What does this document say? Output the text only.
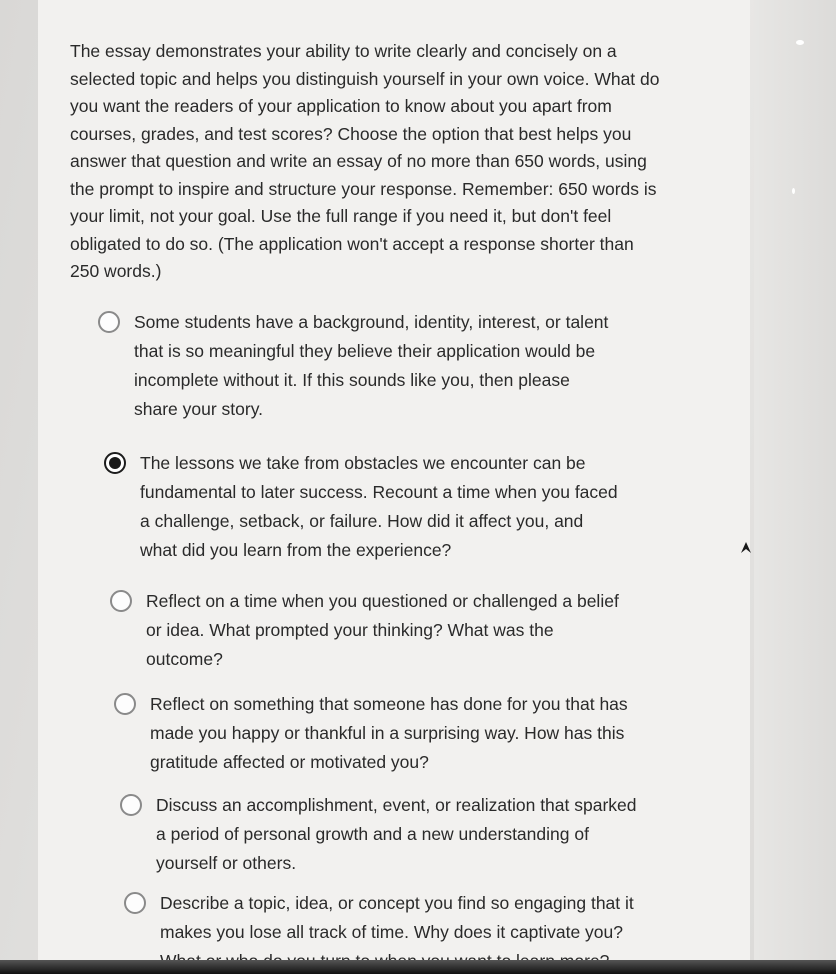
The essay demonstrates your ability to write clearly and concisely on a
selected topic and helps you distinguish yourself in your own voice. What do
you want the readers of your application to know about you apart from
courses, grades, and test scores? Choose the option that best helps you
answer that question and write an essay of no more than 650 words, using
the prompt to inspire and structure your response. Remember: 650 words is
your limit, not your goal. Use the full range if you need it, but don't feel
obligated to do so. (The application won't accept a response shorter than
250 words.)
Some students have a background, identity, interest, or talent
that is so meaningful they believe their application would be
incomplete without it. If this sounds like you, then please
share your story.
The lessons we take from obstacles we encounter can be
fundamental to later success. Recount a time when you faced
a challenge, setback, or failure. How did it affect you, and
what did you learn from the experience?
Reflect on a time when you questioned or challenged a belief
or idea. What prompted your thinking? What was the
outcome?
Reflect on something that someone has done for you that has
made you happy or thankful in a surprising way. How has this
gratitude affected or motivated you?
Discuss an accomplishment, event, or realization that sparked
a period of personal growth and a new understanding of
yourself or others.
Describe a topic, idea, or concept you find so engaging that it
makes you lose all track of time. Why does it captivate you?
